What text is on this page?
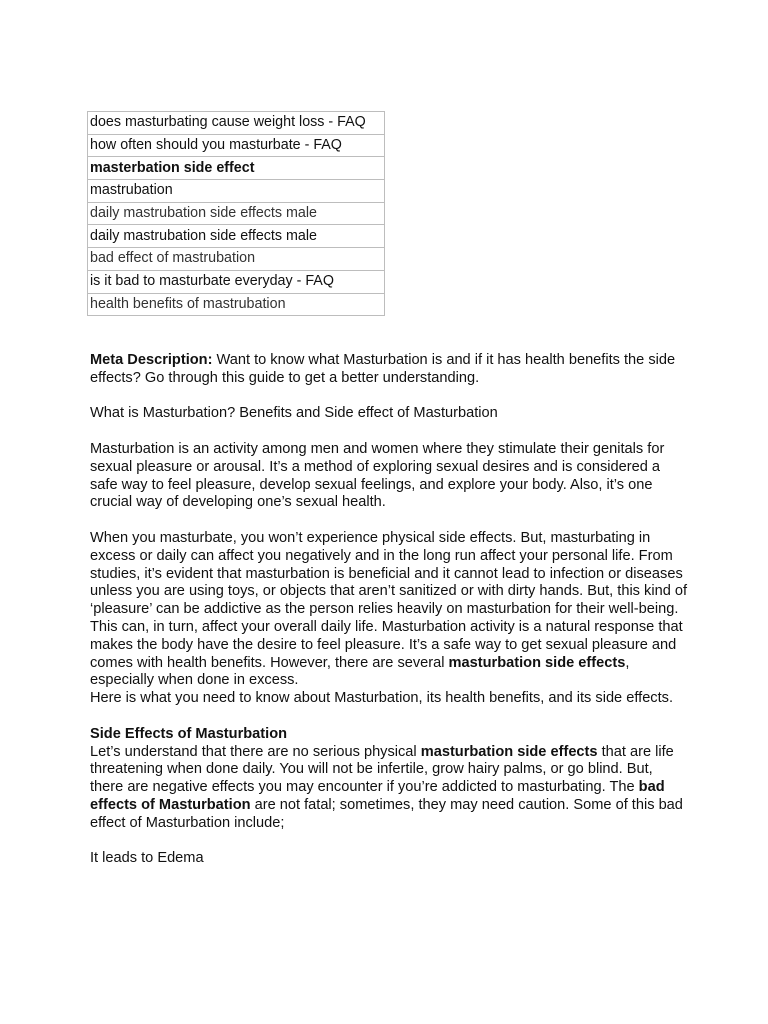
does masturbating cause weight loss - FAQ
how often should you masturbate - FAQ
masterbation side effect
mastrubation
daily mastrubation side effects male
daily mastrubation side effects male
bad effect of mastrubation
is it bad to masturbate everyday - FAQ
health benefits of mastrubation

Meta Description: Want to know what Masturbation is and if it has health benefits the side effects? Go through this guide to get a better understanding.

What is Masturbation? Benefits and Side effect of Masturbation

Masturbation is an activity among men and women where they stimulate their genitals for sexual pleasure or arousal. It’s a method of exploring sexual desires and is considered a safe way to feel pleasure, develop sexual feelings, and explore your body. Also, it’s one crucial way of developing one’s sexual health.

When you masturbate, you won’t experience physical side effects. But, masturbating in excess or daily can affect you negatively and in the long run affect your personal life. From studies, it’s evident that masturbation is beneficial and it cannot lead to infection or diseases unless you are using toys, or objects that aren’t sanitized or with dirty hands. But, this kind of ‘pleasure’ can be addictive as the person relies heavily on masturbation for their well-being. This can, in turn, affect your overall daily life. Masturbation activity is a natural response that makes the body have the desire to feel pleasure. It’s a safe way to get sexual pleasure and comes with health benefits. However, there are several masturbation side effects, especially when done in excess.

Here is what you need to know about Masturbation, its health benefits, and its side effects.

Side Effects of Masturbation

Let’s understand that there are no serious physical masturbation side effects that are life threatening when done daily. You will not be infertile, grow hairy palms, or go blind. But, there are negative effects you may encounter if you’re addicted to masturbating. The bad effects of Masturbation are not fatal; sometimes, they may need caution. Some of this bad effect of Masturbation include;

It leads to Edema
